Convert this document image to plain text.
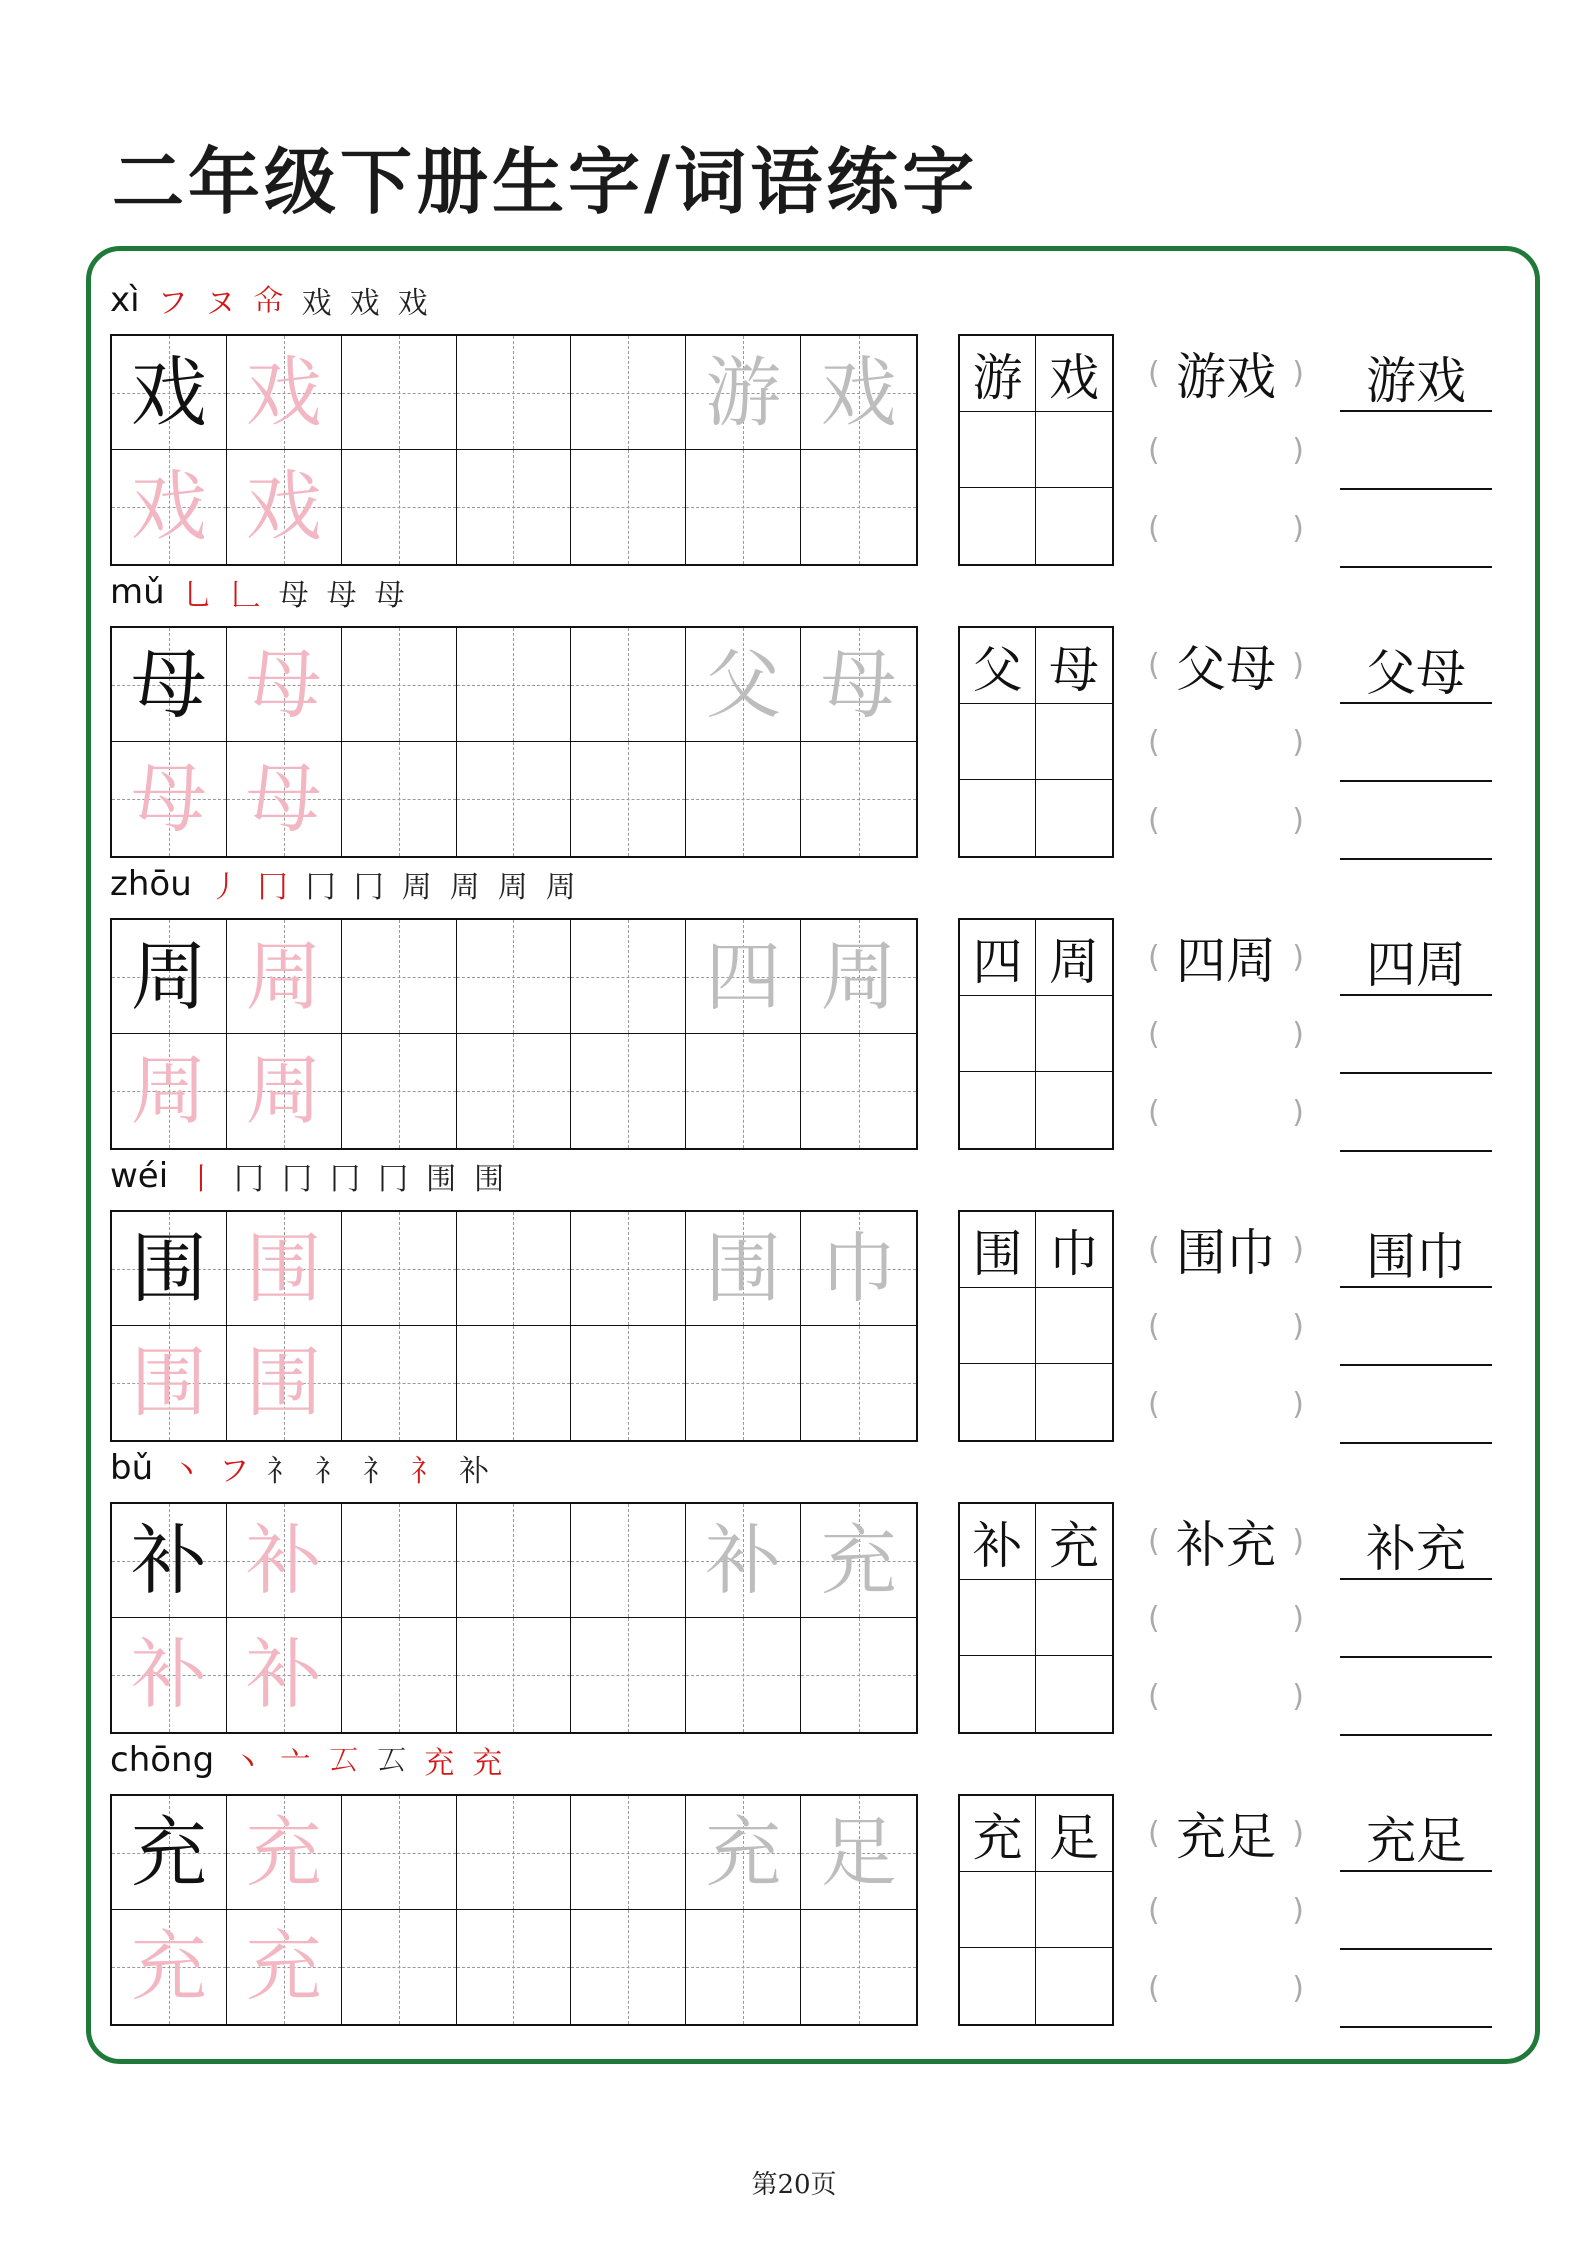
二年级下册生字/词语练字
xì フ ヌ 𢁰 戏 戏 戏
戏 戏	游 戏
戏 戏
游 戏	( 游戏 )
(	)
(	)
游戏
mǔ 乚 𠃊 母 母 母
母 母	父 母
母 母
父 母	( 父母 )
(	)
(	)
父母
zhōu 丿 冂 冂 冂 周 周 周 周
周 周	四 周
周 周
四 周	( 四周 )
(	)
(	)
四周
wéi 丨 冂 冂 冂 冂 围 围
围 围	围 巾
围 围
围 巾	( 围巾 )
(	)
(	)
围巾
bǔ 丶 フ 礻 礻 礻 礻 补
补 补	补 充
补 补
补 充	( 补充 )
(	)
(	)
补充
chōng 丶 亠 𠫔 𠫔 充 充
充 充	充 足
充 充
充 足	( 充足 )
(	)
(	)
充足
第20页
